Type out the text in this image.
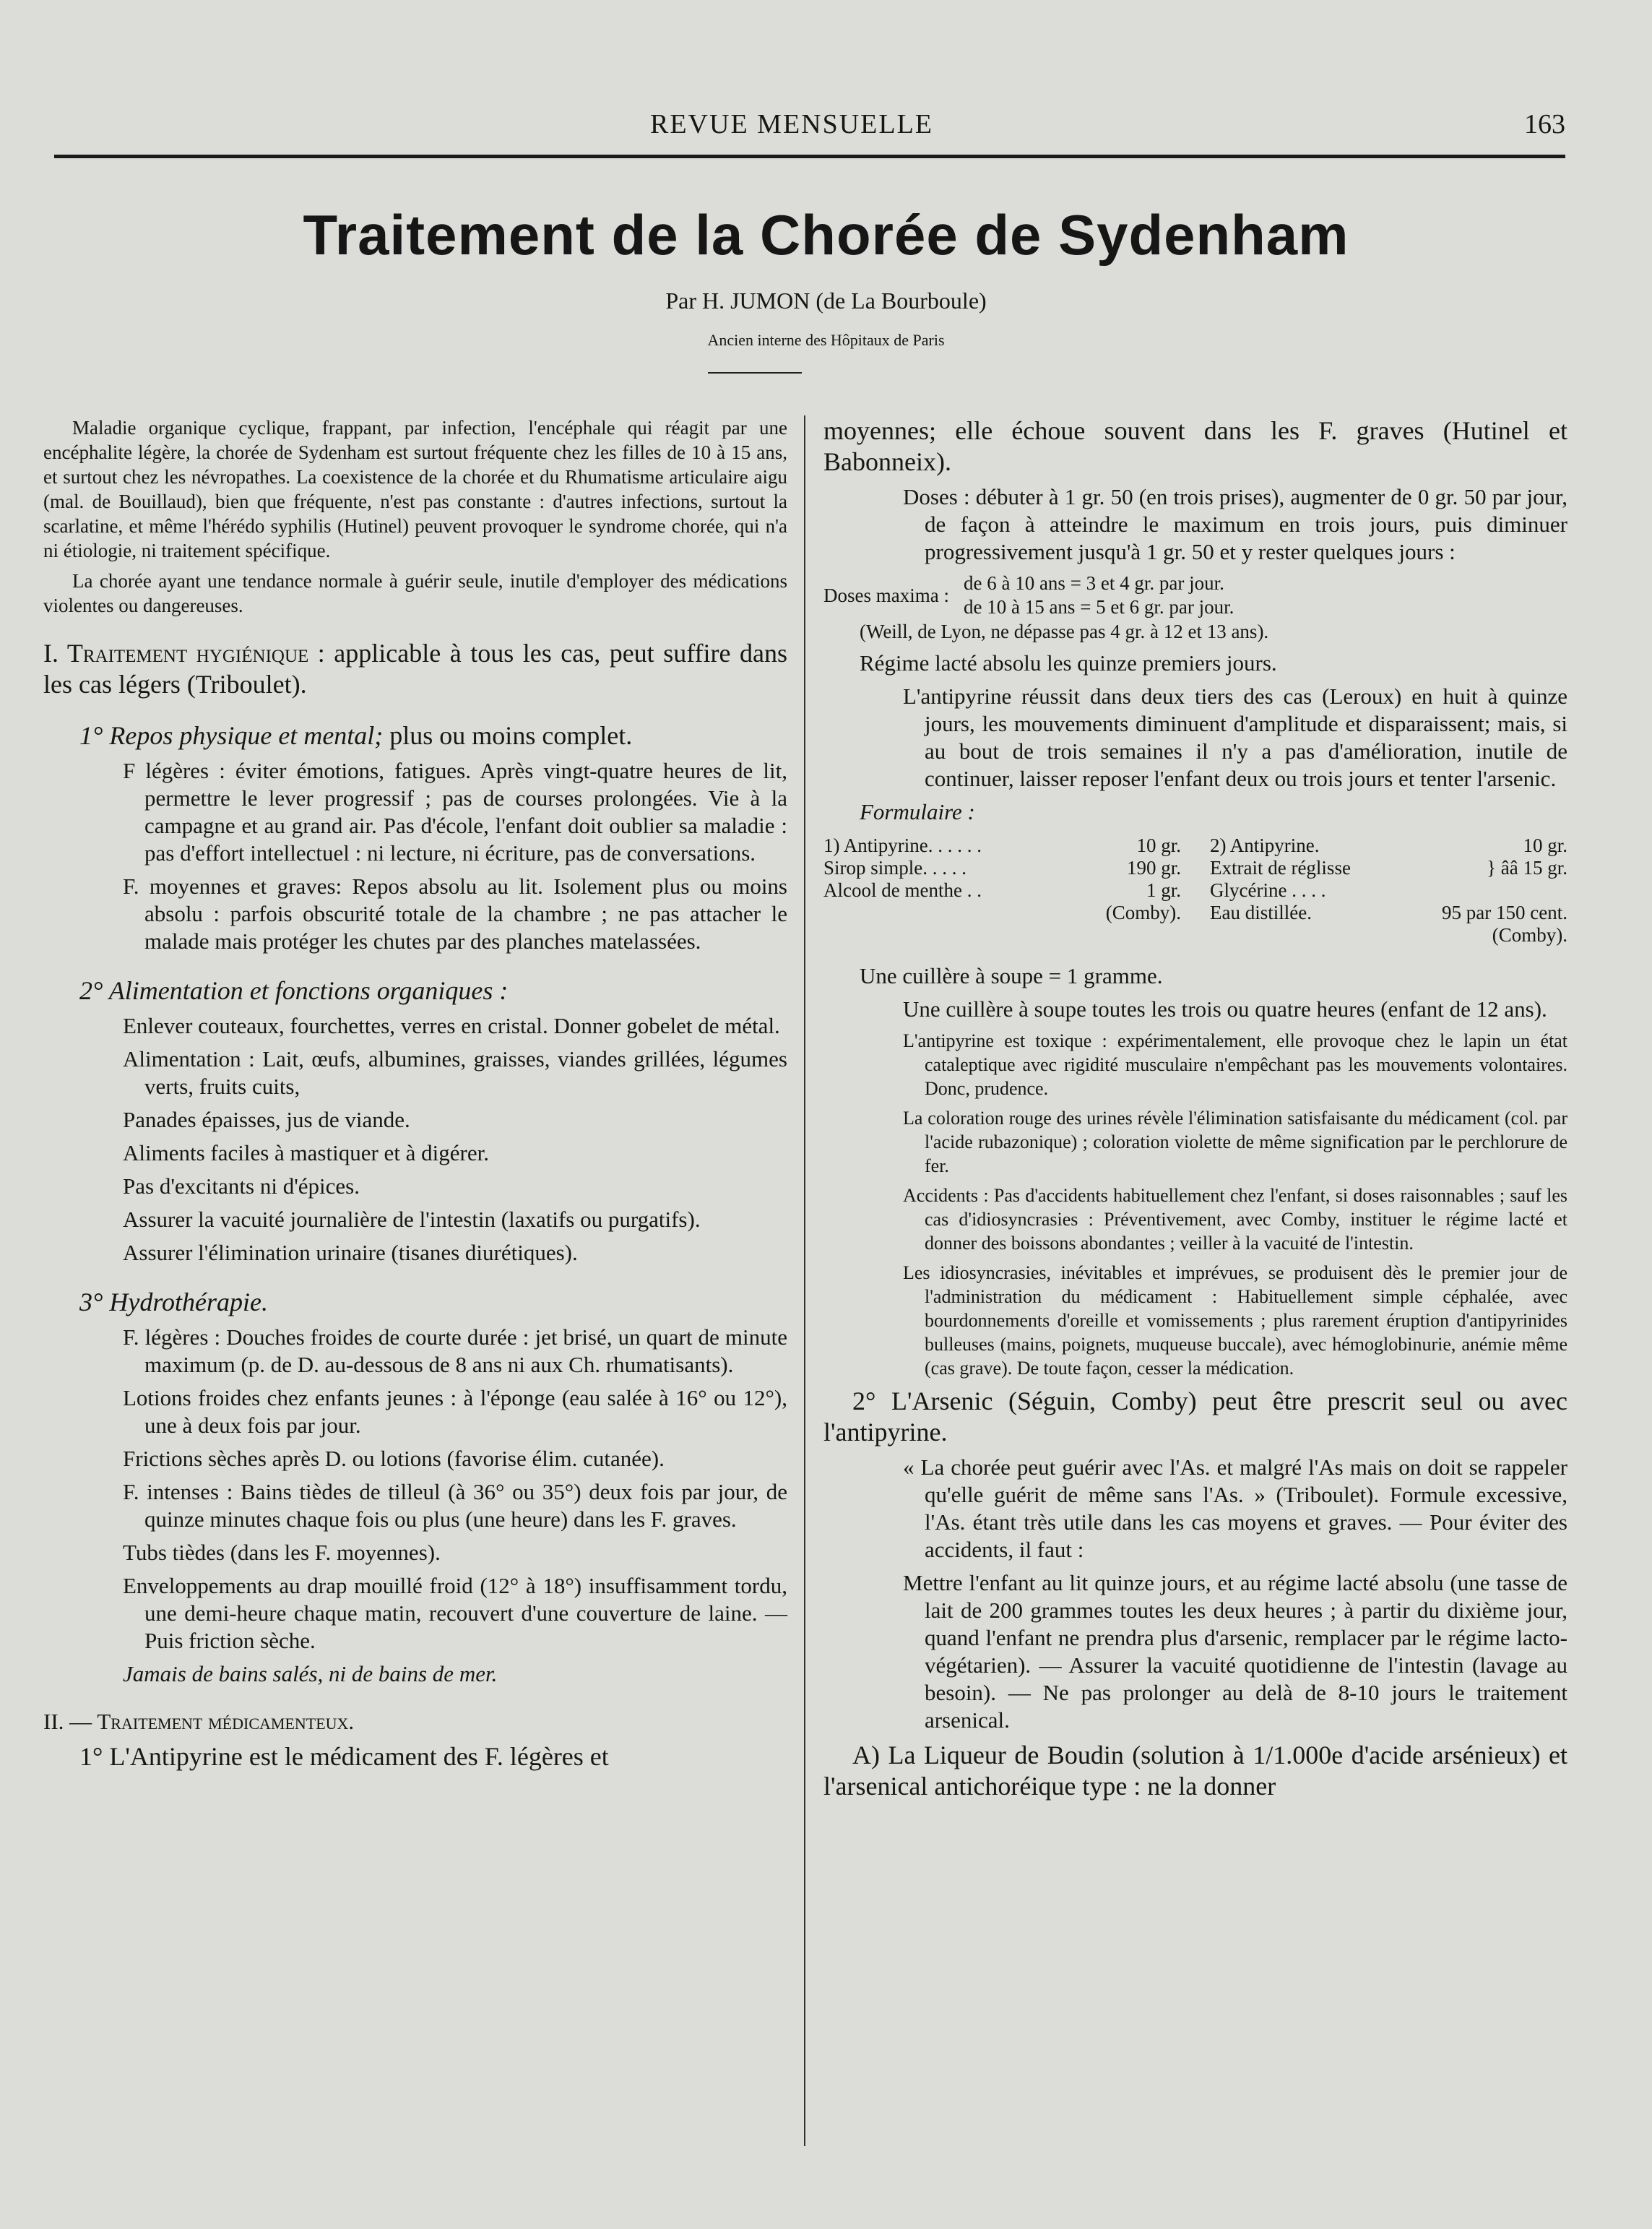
REVUE MENSUELLE	163
Traitement de la Chorée de Sydenham
Par H. JUMON (de La Bourboule)
Ancien interne des Hôpitaux de Paris

Maladie organique cyclique, frappant, par infection, l'encéphale qui réagit par une encéphalite légère, la chorée de Sydenham est surtout fréquente chez les filles de 10 à 15 ans, et surtout chez les névropathes. La coexistence de la chorée et du Rhumatisme articulaire aigu (mal. de Bouillaud), bien que fréquente, n'est pas constante : d'autres infections, surtout la scarlatine, et même l'hérédo syphilis (Hutinel) peuvent provoquer le syndrome chorée, qui n'a ni étiologie, ni traitement spécifique.

La chorée ayant une tendance normale à guérir seule, inutile d'employer des médications violentes ou dangereuses.

I. Traitement hygiénique : applicable à tous les cas, peut suffire dans les cas légers (Triboulet).

1° Repos physique et mental; plus ou moins complet.

F légères : éviter émotions, fatigues. Après vingt-quatre heures de lit, permettre le lever progressif ; pas de courses prolongées. Vie à la campagne et au grand air. Pas d'école, l'enfant doit oublier sa maladie : pas d'effort intellectuel : ni lecture, ni écriture, pas de conversations.

F. moyennes et graves: Repos absolu au lit. Isolement plus ou moins absolu : parfois obscurité totale de la chambre ; ne pas attacher le malade mais protéger les chutes par des planches matelassées.

2° Alimentation et fonctions organiques :

Enlever couteaux, fourchettes, verres en cristal. Donner gobelet de métal.

Alimentation : Lait, œufs, albumines, graisses, viandes grillées, légumes verts, fruits cuits,

Panades épaisses, jus de viande.

Aliments faciles à mastiquer et à digérer.

Pas d'excitants ni d'épices.

Assurer la vacuité journalière de l'intestin (laxatifs ou purgatifs).

Assurer l'élimination urinaire (tisanes diurétiques).

3° Hydrothérapie.

F. légères : Douches froides de courte durée : jet brisé, un quart de minute maximum (p. de D. au-dessous de 8 ans ni aux Ch. rhumatisants).

Lotions froides chez enfants jeunes : à l'éponge (eau salée à 16° ou 12°), une à deux fois par jour.

Frictions sèches après D. ou lotions (favorise élim. cutanée).

F. intenses : Bains tièdes de tilleul (à 36° ou 35°) deux fois par jour, de quinze minutes chaque fois ou plus (une heure) dans les F. graves.

Tubs tièdes (dans les F. moyennes).

Enveloppements au drap mouillé froid (12° à 18°) insuffisamment tordu, une demi-heure chaque matin, recouvert d'une couverture de laine. — Puis friction sèche.

Jamais de bains salés, ni de bains de mer.

II. — Traitement médicamenteux.

1° L'Antipyrine est le médicament des F. légères et

moyennes; elle échoue souvent dans les F. graves (Hutinel et Babonneix).

Doses : débuter à 1 gr. 50 (en trois prises), augmenter de 0 gr. 50 par jour, de façon à atteindre le maximum en trois jours, puis diminuer progressivement jusqu'à 1 gr. 50 et y rester quelques jours :

Doses maxima :
de 6 à 10 ans = 3 et 4 gr. par jour.
de 10 à 15 ans = 5 et 6 gr. par jour.

(Weill, de Lyon, ne dépasse pas 4 gr. à 12 et 13 ans).

Régime lacté absolu les quinze premiers jours.

L'antipyrine réussit dans deux tiers des cas (Leroux) en huit à quinze jours, les mouvements diminuent d'amplitude et disparaissent; mais, si au bout de trois semaines il n'y a pas d'amélioration, inutile de continuer, laisser reposer l'enfant deux ou trois jours et tenter l'arsenic.

Formulaire :

1) Antipyrine. . . . . .	10 gr.
Sirop simple. . . . .	190 gr.
Alcool de menthe . .	1 gr.
(Comby).
2) Antipyrine.	10 gr.
Extrait de réglisse	} ââ 15 gr.
Glycérine . . . .
Eau distillée.	95 par 150 cent.
(Comby).

Une cuillère à soupe = 1 gramme.

Une cuillère à soupe toutes les trois ou quatre heures (enfant de 12 ans).

L'antipyrine est toxique : expérimentalement, elle provoque chez le lapin un état cataleptique avec rigidité musculaire n'empêchant pas les mouvements volontaires. Donc, prudence.

La coloration rouge des urines révèle l'élimination satisfaisante du médicament (col. par l'acide rubazonique) ; coloration violette de même signification par le perchlorure de fer.

Accidents : Pas d'accidents habituellement chez l'enfant, si doses raisonnables ; sauf les cas d'idiosyncrasies : Préventivement, avec Comby, instituer le régime lacté et donner des boissons abondantes ; veiller à la vacuité de l'intestin.

Les idiosyncrasies, inévitables et imprévues, se produisent dès le premier jour de l'administration du médicament : Habituellement simple céphalée, avec bourdonnements d'oreille et vomissements ; plus rarement éruption d'antipyrinides bulleuses (mains, poignets, muqueuse buccale), avec hémoglobinurie, anémie même (cas grave). De toute façon, cesser la médication.

2° L'Arsenic (Séguin, Comby) peut être prescrit seul ou avec l'antipyrine.

« La chorée peut guérir avec l'As. et malgré l'As mais on doit se rappeler qu'elle guérit de même sans l'As. » (Triboulet). Formule excessive, l'As. étant très utile dans les cas moyens et graves. — Pour éviter des accidents, il faut :

Mettre l'enfant au lit quinze jours, et au régime lacté absolu (une tasse de lait de 200 grammes toutes les deux heures ; à partir du dixième jour, quand l'enfant ne prendra plus d'arsenic, remplacer par le régime lacto-végétarien). — Assurer la vacuité quotidienne de l'intestin (lavage au besoin). — Ne pas prolonger au delà de 8-10 jours le traitement arsenical.

A) La Liqueur de Boudin (solution à 1/1.000e d'acide arsénieux) et l'arsenical antichoréique type : ne la donner
